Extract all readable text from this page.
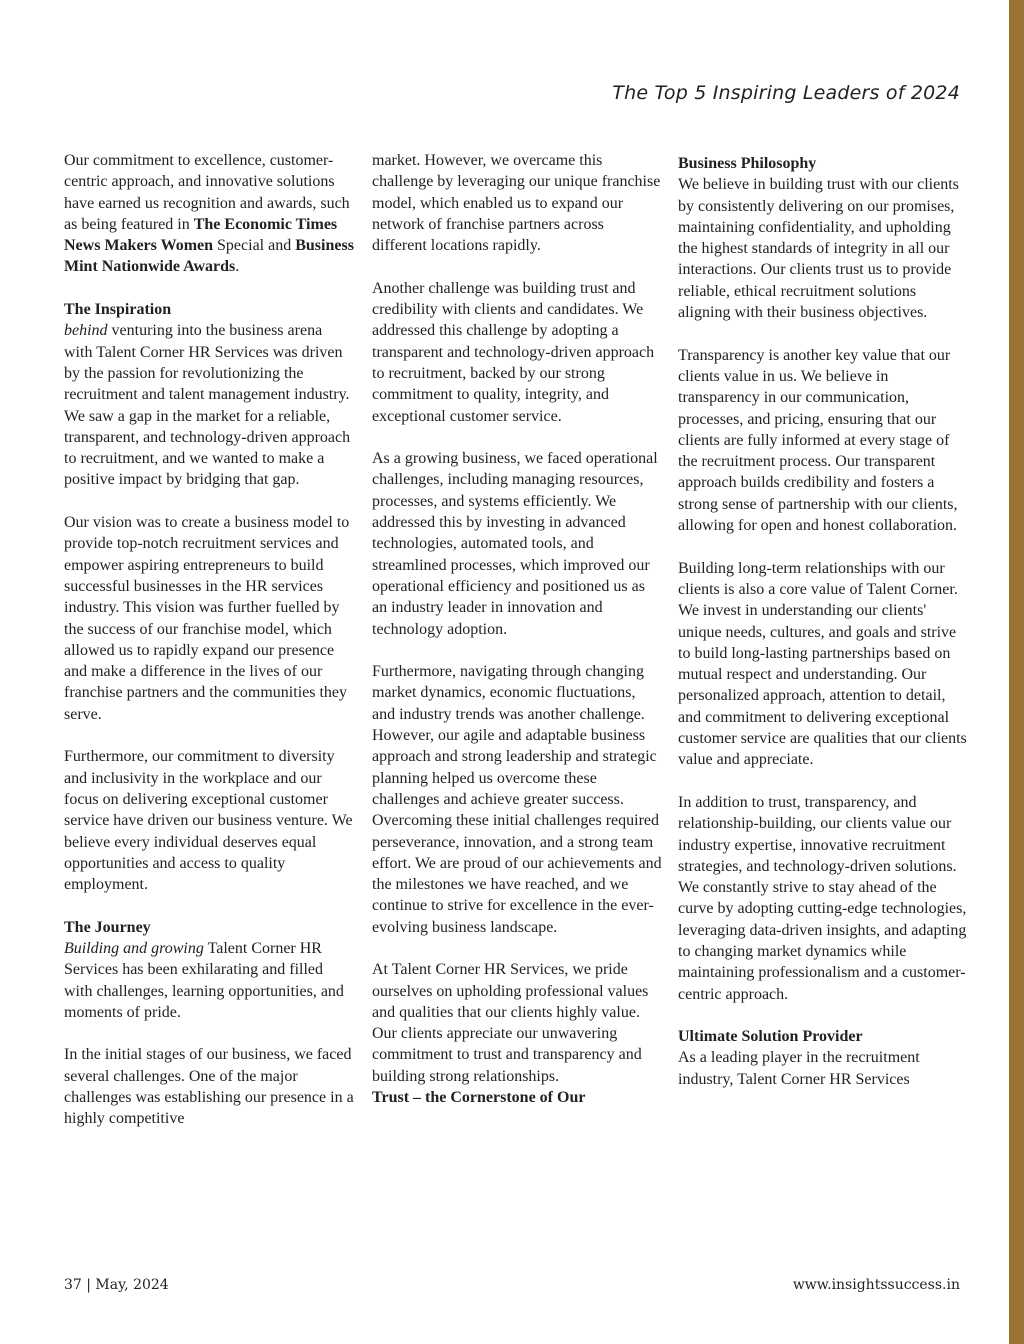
The Top 5 Inspiring Leaders of 2024

Our commitment to excellence, customer-centric approach, and innovative solutions have earned us recognition and awards, such as being featured in The Economic Times News Makers Women Special and Business Mint Nationwide Awards.

The Inspiration
behind venturing into the business arena with Talent Corner HR Services was driven by the passion for revolutionizing the recruitment and talent management industry. We saw a gap in the market for a reliable, transparent, and technology-driven approach to recruitment, and we wanted to make a positive impact by bridging that gap.

Our vision was to create a business model to provide top-notch recruitment services and empower aspiring entrepreneurs to build successful businesses in the HR services industry. This vision was further fuelled by the success of our franchise model, which allowed us to rapidly expand our presence and make a difference in the lives of our franchise partners and the communities they serve.

Furthermore, our commitment to diversity and inclusivity in the workplace and our focus on delivering exceptional customer service have driven our business venture. We believe every individual deserves equal opportunities and access to quality employment.

The Journey
Building and growing Talent Corner HR Services has been exhilarating and filled with challenges, learning opportunities, and moments of pride.

In the initial stages of our business, we faced several challenges. One of the major challenges was establishing our presence in a highly competitive

market. However, we overcame this challenge by leveraging our unique franchise model, which enabled us to expand our network of franchise partners across different locations rapidly.

Another challenge was building trust and credibility with clients and candidates. We addressed this challenge by adopting a transparent and technology-driven approach to recruitment, backed by our strong commitment to quality, integrity, and exceptional customer service.

As a growing business, we faced operational challenges, including managing resources, processes, and systems efficiently. We addressed this by investing in advanced technologies, automated tools, and streamlined processes, which improved our operational efficiency and positioned us as an industry leader in innovation and technology adoption.

Furthermore, navigating through changing market dynamics, economic fluctuations, and industry trends was another challenge. However, our agile and adaptable business approach and strong leadership and strategic planning helped us overcome these challenges and achieve greater success. Overcoming these initial challenges required perseverance, innovation, and a strong team effort. We are proud of our achievements and the milestones we have reached, and we continue to strive for excellence in the ever-evolving business landscape.

At Talent Corner HR Services, we pride ourselves on upholding professional values and qualities that our clients highly value. Our clients appreciate our unwavering commitment to trust and transparency and building strong relationships.
Trust – the Cornerstone of Our

Business Philosophy
We believe in building trust with our clients by consistently delivering on our promises, maintaining confidentiality, and upholding the highest standards of integrity in all our interactions. Our clients trust us to provide reliable, ethical recruitment solutions aligning with their business objectives.

Transparency is another key value that our clients value in us. We believe in transparency in our communication, processes, and pricing, ensuring that our clients are fully informed at every stage of the recruitment process. Our transparent approach builds credibility and fosters a strong sense of partnership with our clients, allowing for open and honest collaboration.

Building long-term relationships with our clients is also a core value of Talent Corner. We invest in understanding our clients' unique needs, cultures, and goals and strive to build long-lasting partnerships based on mutual respect and understanding. Our personalized approach, attention to detail, and commitment to delivering exceptional customer service are qualities that our clients value and appreciate.

In addition to trust, transparency, and relationship-building, our clients value our industry expertise, innovative recruitment strategies, and technology-driven solutions. We constantly strive to stay ahead of the curve by adopting cutting-edge technologies, leveraging data-driven insights, and adapting to changing market dynamics while maintaining professionalism and a customer-centric approach.

Ultimate Solution Provider
As a leading player in the recruitment industry, Talent Corner HR Services

37 | May, 2024	www.insightssuccess.in
